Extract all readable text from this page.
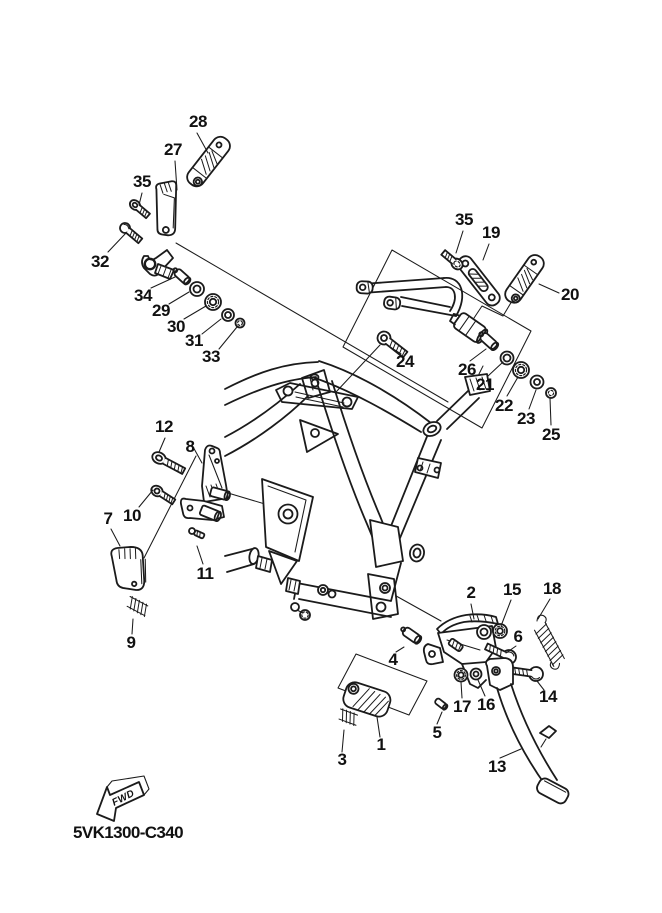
FWD
1
2
3
4
5
6
7
8
9
10
11
12
13
14
15
16
17
18
19
20
21
22
23
24
25
26
27
28
29
30
31
32
33
34
35
35
5VK1300-C340
